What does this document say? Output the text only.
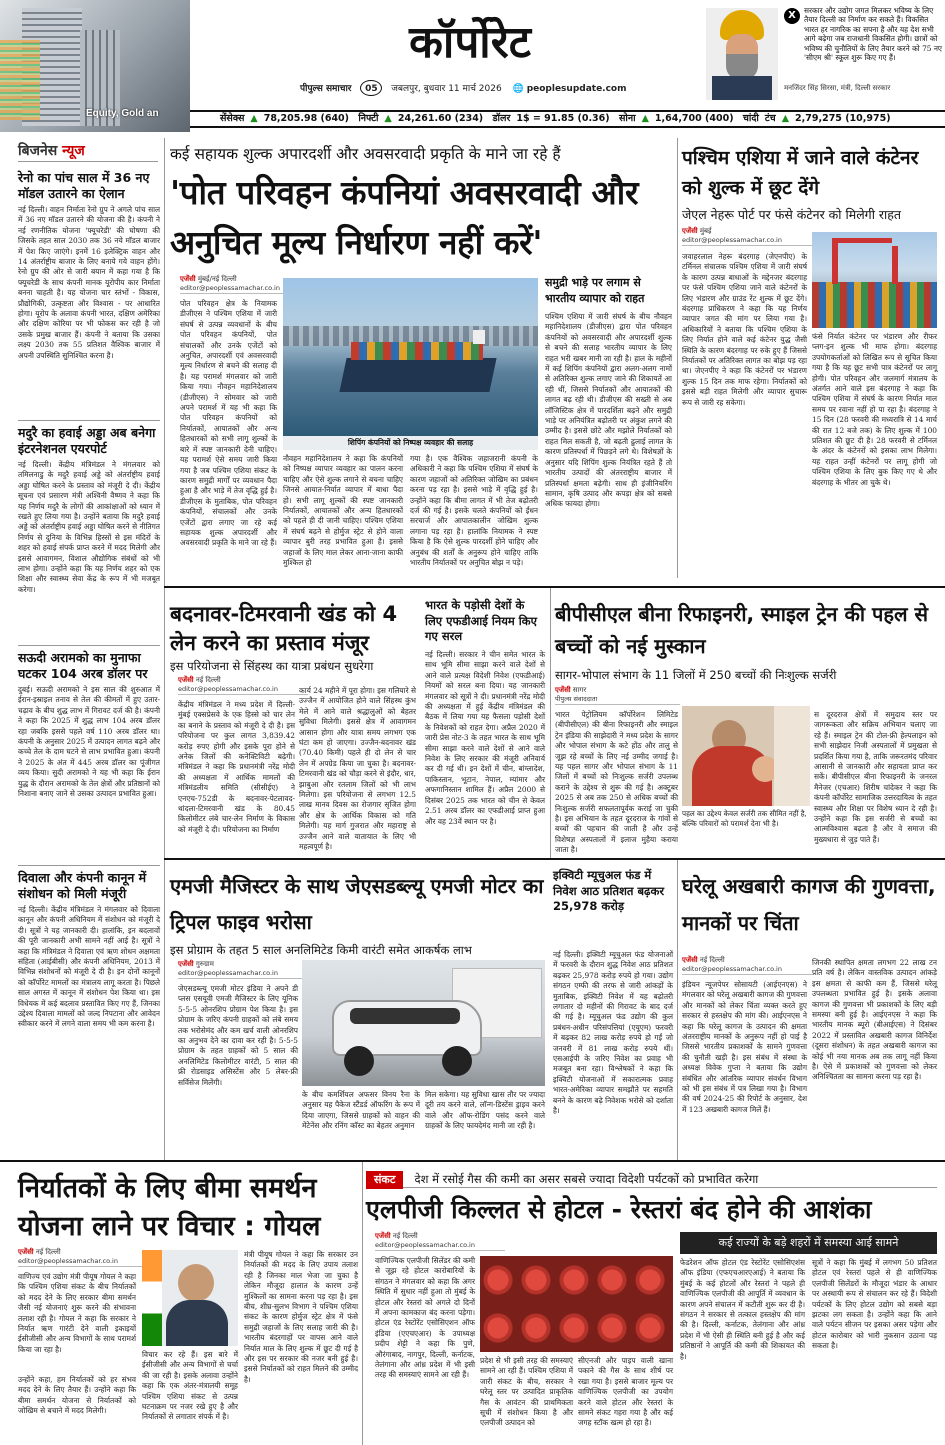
Equity, Gold an
कॉर्पोरेट
पीपुल्स समाचार 05 जबलपुर, बुधवार 11 मार्च 2026 🌐 peoplesupdate.com
X	सरकार और उद्योग जगत मिलकर भविष्य के लिए तैयार दिल्ली का निर्माण कर सकते हैं। विकसित भारत हर नागरिक का सपना है और यह देश सभी आगे बढ़ेगा जब राजधानी विकसित होगी। छात्रों को भविष्य की चुनौतियों के लिए तैयार करने को 75 नए 'सीएम श्री' स्कूल शुरू किए गए हैं।
मनजिंदर सिंह सिरसा, मंत्री, दिल्ली सरकार
सेंसेक्स ▲ 78,205.98 (640) निफ्टी ▲ 24,261.60 (234) डॉलर 1$ = 91.85 (0.36) सोना ▲ 1,64,700 (400) चांदी टंच ▲ 2,79,275 (10,975)
बिजनेस न्यूज
रेनो का पांच साल में 36 नए मॉडल उतारने का ऐलान
नई दिल्ली। वाहन निर्माता रेनो ग्रुप ने अगले पांच साल में 36 नए मॉडल उतारने की योजना की है। कंपनी ने नई रणनीतिक योजना 'फ्यूचरेडी' की घोषणा की जिसके तहत साल 2030 तक 36 नये मॉडल बाजार में पेश किए जाएंगे। इनमें 16 इलेक्ट्रिक वाहन और 14 अंतर्राष्ट्रीय बाजार के लिए बनाये गये वाहन होंगे। रेनो ग्रुप की ओर से जारी बयान में कहा गया है कि फ्यूचरेडी के साथ कंपनी मानक यूरोपीय कार निर्माता बनना चाहती है। यह योजना चार स्तंभों - विकास, प्रौद्योगिकी, उत्कृष्टता और विश्वास - पर आधारित होगा। यूरोप के अलावा कंपनी भारत, दक्षिण अमेरिका और दक्षिण कोरिया पर भी फोकस कर रही है जो उसके प्रमुख बाजार हैं। कंपनी ने बताया कि उसका लक्ष्य 2030 तक 55 प्रतिशत वैश्विक बाजार में अपनी उपस्थिति सुनिश्चित करना है।
मदुरै का हवाई अड्डा अब बनेगा इंटरनेशनल एयरपोर्ट
नई दिल्ली। केंद्रीय मंत्रिमंडल ने मंगलवार को तमिलनाडु के मदुरै हवाई अड्डे को अंतर्राष्ट्रीय हवाई अड्डा घोषित करने के प्रस्ताव को मंजूरी दे दी। केंद्रीय सूचना एवं प्रसारण मंत्री अश्विनी वैष्णव ने कहा कि यह निर्णय मदुरै के लोगों की आकांक्षाओं को ध्यान में रखते हुए लिया गया है। उन्होंने बताया कि मदुरै हवाई अड्डे को अंतर्राष्ट्रीय हवाई अड्डा घोषित करने से नीतिगत निर्णय से दुनिया के विभिन्न हिस्सों से इस मंदिरों के शहर को हवाई संपर्क प्राप्त करने में मदद मिलेगी और इससे आवागमन, विशाल औद्योगिक संबंधों को भी लाभ होगा। उन्होंने कहा कि यह निर्णय शहर को एक शिक्षा और स्वास्थ्य सेवा केंद्र के रूप में भी मजबूत करेगा।
सऊदी अरामको का मुनाफा घटकर 104 अरब डॉलर पर
दुबई। सऊदी अरामको ने इस साल की शुरुआत में ईरान-इस्राइल तनाव से तेल की कीमतों में हुए उतार-चढ़ाव के बीच शुद्ध लाभ में गिरावट दर्ज की है। कंपनी ने कहा कि 2025 में शुद्ध लाभ 104 अरब डॉलर रहा जबकि इससे पहले वर्ष 110 अरब डॉलर था। कंपनी के अनुसार 2025 में उत्पादन लागत बढ़ने और कच्चे तेल के दाम घटने से लाभ प्रभावित हुआ। कंपनी ने 2025 के अंत में 445 अरब डॉलर का पूंजीगत व्यय किया। सुदी अरामको ने यह भी कहा कि ईरान युद्ध के दौरान अरामको के तेल क्षेत्रों और प्रतिष्ठानों को निशाना बनाए जाने से उसका उत्पादन प्रभावित हुआ।
दिवाला और कंपनी कानून में संशोधन को मिली मंजूरी
नई दिल्ली। केंद्रीय मंत्रिमंडल ने मंगलवार को दिवाला कानून और कंपनी अधिनियम में संशोधन को मंजूरी दे दी। सूत्रों ने यह जानकारी दी। हालांकि, इन बदलावों की पूरी जानकारी अभी सामने नहीं आई है। सूत्रों ने कहा कि मंत्रिमंडल ने दिवाला एवं ऋण शोधन अक्षमता संहिता (आईबीसी) और कंपनी अधिनियम, 2013 में विभिन्न संशोधनों को मंजूरी दे दी है। इन दोनों कानूनों को कॉर्पोरेट मामलों का मंत्रालय लागू करता है। पिछले साल अगस्त में कानून में संशोधन पेश किया था। इस विधेयक में कई बदलाव प्रस्तावित किए गए हैं, जिनका उद्देश्य दिवाला मामलों को जल्द निपटाना और आवेदन स्वीकार करने में लगने वाला समय भी कम करना है।
कई सहायक शुल्क अपारदर्शी और अवसरवादी प्रकृति के माने जा रहे हैं
'पोत परिवहन कंपनियां अवसरवादी और अनुचित मूल्य निर्धारण नहीं करें'
एजेंसी मुंबई/नई दिल्ली
editor@peoplessamachar.co.in
पोत परिवहन क्षेत्र के नियामक डीजीएस ने पश्चिम एशिया में जारी संघर्ष से उत्पन्न व्यवधानों के बीच पोत परिवहन कंपनियों, पोत संचालकों और उनके एजेंटों को अनुचित, अपारदर्शी एवं अवसरवादी मूल्य निर्धारण से बचने की सलाह दी है। यह परामर्श मंगलवार को जारी किया गया। नौवहन महानिदेशालय (डीजीएस) ने सोमवार को जारी अपने परामर्श में यह भी कहा कि पोत परिवहन कंपनियों को निर्यातकों, आयातकों और अन्य हितधारकों को सभी लागू शुल्कों के बारे में स्पष्ट जानकारी देनी चाहिए। यह परामर्श ऐसे समय जारी किया गया है जब पश्चिम एशिया संकट के कारण समुद्री मार्गों पर व्यवधान पैदा हुआ है और भाड़े में तेज वृद्धि हुई है। डीजीएस के मुताबिक, पोत परिवहन कंपनियों, संचालकों और उनके एजेंटों द्वारा लगाए जा रहे कई सहायक शुल्क अपारदर्शी और अवसरवादी प्रकृति के माने जा रहे हैं।
शिपिंग कंपनियों को निष्पक्ष व्यवहार की सलाह
नौवहन महानिदेशालय ने कहा कि कंपनियों को निष्पक्ष व्यापार व्यवहार का पालन करना चाहिए और ऐसे शुल्क लगाने से बचना चाहिए जिनसे आयात-निर्यात व्यापार में बाधा पैदा हो। सभी लागू शुल्कों की स्पष्ट जानकारी निर्यातकों, आयातकों और अन्य हितधारकों को पहले ही दी जानी चाहिए। पश्चिम एशिया में संघर्ष बढ़ने से होर्मुज स्ट्रेट से होने वाला व्यापार बुरी तरह प्रभावित हुआ है। इससे जहाजों के लिए माल लेकर आना-जाना काफी मुश्किल हो
गया है। एक वैश्विक जहाजरानी कंपनी के अधिकारी ने कहा कि पश्चिम एशिया में संघर्ष के कारण जहाजों को अतिरिक्त जोखिम का प्रबंधन करना पड़ रहा है। इससे भाड़े में वृद्धि हुई है। उन्होंने कहा कि बीमा लागत में भी तेज बढ़ोतरी दर्ज की गई है। इसके चलते कंपनियों को ईंधन सरचार्ज और आपातकालीन जोखिम शुल्क लगाना पड़ रहा है। हालांकि नियामक ने स्पष्ट किया है कि ऐसे शुल्क पारदर्शी होने चाहिए और अनुबंध की शर्तों के अनुरूप होने चाहिए ताकि भारतीय निर्यातकों पर अनुचित बोझ न पड़े।
समुद्री भाड़े पर लगाम से भारतीय व्यापार को राहत
पश्चिम एशिया में जारी संघर्ष के बीच नौवहन महानिदेशालय (डीजीएस) द्वारा पोत परिवहन कंपनियों को अवसरवादी और अपारदर्शी शुल्क से बचने की सलाह भारतीय व्यापार के लिए राहत भरी खबर मानी जा रही है। हाल के महीनों में कई शिपिंग कंपनियों द्वारा अलग-अलग नामों से अतिरिक्त शुल्क लगाए जाने की शिकायतें आ रही थीं, जिससे निर्यातकों और आयातकों की लागत बढ़ रही थी। डीजीएस की सख्ती से अब लॉजिस्टिक क्षेत्र में पारदर्शिता बढ़ने और समुद्री भाड़े पर अनियंत्रित बढ़ोतरी पर अंकुश लगने की उम्मीद है। इससे छोटे और मझोले निर्यातकों को राहत मिल सकती है, जो बढ़ती ढुलाई लागत के कारण प्रतिस्पर्धा में पिछड़ने लगे थे। विशेषज्ञों के अनुसार यदि शिपिंग शुल्क नियंत्रित रहते हैं तो भारतीय उत्पादों की अंतरराष्ट्रीय बाजार में प्रतिस्पर्धा क्षमता बढ़ेगी। साथ ही इंजीनियरिंग सामान, कृषि उत्पाद और कपड़ा क्षेत्र को सबसे अधिक फायदा होगा।
पश्चिम एशिया में जाने वाले कंटेनर को शुल्क में छूट देंगे
जेएल नेहरू पोर्ट पर फंसे कंटेनर को मिलेगी राहत
एजेंसी मुंबई
editor@peoplessamachar.co.in
जवाहरलाल नेहरू बंदरगाह (जेएनपीए) के टर्मिनल संचालक पश्चिम एशिया में जारी संघर्ष के कारण उत्पन्न बाधाओं के मद्देनजर बंदरगाह पर फंसे पश्चिम एशिया जाने वाले कंटेनरों के लिए भंडारण और ग्राउंड रेंट शुल्क में छूट देंगे। बंदरगाह प्राधिकरण ने कहा कि यह निर्णय व्यापार जगत की मांग पर लिया गया है। अधिकारियों ने बताया कि पश्चिम एशिया के लिए निर्यात होने वाले कई कंटेनर युद्ध जैसी स्थिति के कारण बंदरगाह पर रुके हुए हैं जिससे निर्यातकों पर अतिरिक्त लागत का बोझ पड़ रहा था। जेएनपीए ने कहा कि कंटेनरों पर भंडारण शुल्क 15 दिन तक माफ रहेगा। निर्यातकों को इससे बड़ी राहत मिलेगी और व्यापार सुचारू रूप से जारी रह सकेगा।
फंसे निर्यात कंटेनर पर भंडारण और रीफर प्लग-इन शुल्क भी माफ होगा। बंदरगाह उपयोगकर्ताओं को लिखित रूप से सूचित किया गया है कि यह छूट सभी पात्र कंटेनरों पर लागू होगी। पोत परिवहन और जलमार्ग मंत्रालय के अंतर्गत आने वाले इस बंदरगाह ने कहा कि पश्चिम एशिया में संघर्ष के कारण निर्यात माल समय पर रवाना नहीं हो पा रहा है। बंदरगाह ने 15 दिन (28 फरवरी की मध्यरात्रि से 14 मार्च की रात 12 बजे तक) के लिए शुल्क में 100 प्रतिशत की छूट दी है। 28 फरवरी से टर्मिनल के अंदर के कंटेनरों को इसका लाभ मिलेगा। यह राहत उन्हीं कंटेनरों पर लागू होगी जो पश्चिम एशिया के लिए बुक किए गए थे और बंदरगाह के भीतर आ चुके थे।
बदनावर-टिमरवानी खंड को 4 लेन करने का प्रस्ताव मंजूर
इस परियोजना से सिंहस्थ का यात्रा प्रबंधन सुधरेगा
एजेंसी नई दिल्ली
editor@peoplessamachar.co.in
केंद्रीय मंत्रिमंडल ने मध्य प्रदेश में दिल्ली-मुंबई एक्सप्रेसवे के एक हिस्से को चार लेन का बनाने के प्रस्ताव को मंजूरी दे दी है। इस परियोजना पर कुल लागत 3,839.42 करोड़ रुपए होगी और इसके पूरा होने से अनेक जिलों की कनेक्टिविटी बढ़ेगी। मंत्रिमंडल ने कहा कि प्रधानमंत्री नरेंद्र मोदी की अध्यक्षता में आर्थिक मामलों की मंत्रिमंडलीय समिति (सीसीईए) ने एनएच-752डी के बदनावर-पेटलावद-थांदला-टिमरवानी खंड के 80.45 किलोमीटर लंबे चार-लेन निर्माण के विकास को मंजूरी दे दी। परियोजना का निर्माण
कार्य 24 महीने में पूरा होगा। इस गलियारे से उज्जैन में आयोजित होने वाले सिंहस्थ कुंभ मेले में आने वाले श्रद्धालुओं को बेहतर सुविधा मिलेगी। इससे क्षेत्र में आवागमन आसान होगा और यात्रा समय लगभग एक घंटा कम हो जाएगा। उज्जैन-बदनावर खंड (70.40 किमी) पहले ही दो लेन से चार लेन में अपग्रेड किया जा चुका है। बदनावर-टिमरवानी खंड को चौड़ा करने से इंदौर, धार, झाबुआ और रतलाम जिलों को भी लाभ मिलेगा। इस परियोजना से लगभग 12.5 लाख मानव दिवस का रोजगार सृजित होगा और क्षेत्र के आर्थिक विकास को गति मिलेगी। यह मार्ग गुजरात और महाराष्ट्र से उज्जैन आने वाले यातायात के लिए भी महत्वपूर्ण है।
भारत के पड़ोसी देशों के लिए एफडीआई नियम किए गए सरल
नई दिल्ली। सरकार ने चीन समेत भारत के साथ भूमि सीमा साझा करने वाले देशों से आने वाले प्रत्यक्ष विदेशी निवेश (एफडीआई) नियमों को सरल बना दिया। यह जानकारी मंगलवार को सूत्रों ने दी। प्रधानमंत्री नरेंद्र मोदी की अध्यक्षता में हुई केंद्रीय मंत्रिमंडल की बैठक में लिया गया यह फैसला पड़ोसी देशों के निवेशकों को राहत देगा। अप्रैल 2020 में जारी प्रेस नोट-3 के तहत भारत के साथ भूमि सीमा साझा करने वाले देशों से आने वाले निवेश के लिए सरकार की मंजूरी अनिवार्य कर दी गई थी। इन देशों में चीन, बांग्लादेश, पाकिस्तान, भूटान, नेपाल, म्यांमार और अफगानिस्तान शामिल हैं। अप्रैल 2000 से दिसंबर 2025 तक भारत को चीन से केवल 2.51 अरब डॉलर का एफडीआई प्राप्त हुआ और वह 23वें स्थान पर है।
बीपीसीएल बीना रिफाइनरी, स्माइल ट्रेन की पहल से बच्चों को नई मुस्कान
सागर-भोपाल संभाग के 11 जिलों में 250 बच्चों की निःशुल्क सर्जरी
एजेंसी सागर
पीपुल्स संवाददाता
भारत पेट्रोलियम कॉर्पोरेशन लिमिटेड (बीपीसीएल) की बीना रिफाइनरी और स्माइल ट्रेन इंडिया की साझेदारी ने मध्य प्रदेश के सागर और भोपाल संभाग के कटे होंठ और तालु से जूझ रहे बच्चों के लिए नई उम्मीद जगाई है। यह पहल सागर और भोपाल संभाग के 11 जिलों में बच्चों को निःशुल्क सर्जरी उपलब्ध कराने के उद्देश्य से शुरू की गई है। अक्टूबर 2025 से अब तक 250 से अधिक बच्चों की निःशुल्क सर्जरी सफलतापूर्वक कराई जा चुकी है। इस अभियान के तहत दूरदराज के गांवों से बच्चों की पहचान की जाती है और उन्हें विशेषज्ञ अस्पतालों में इलाज मुहैया कराया जाता है।
पहल का उद्देश्य केवल सर्जरी तक सीमित नहीं है, बल्कि परिवारों को परामर्श देना भी है।
स दूरदराज क्षेत्रों में समुदाय स्तर पर जागरूकता और सक्रिय अभियान चलाए जा रहे हैं। स्माइल ट्रेन की टोल-फ्री हेल्पलाइन को सभी साझेदार निजी अस्पतालों में प्रमुखता से प्रदर्शित किया गया है, ताकि जरूरतमंद परिवार आसानी से जानकारी और सहायता प्राप्त कर सकें। बीपीसीएल बीना रिफाइनरी के जनरल मैनेजर (एचआर) शिरीष चांदेकर ने कहा कि कंपनी कॉर्पोरेट सामाजिक उत्तरदायित्व के तहत स्वास्थ्य और शिक्षा पर विशेष ध्यान दे रही है। उन्होंने कहा कि इस सर्जरी से बच्चों का आत्मविश्वास बढ़ता है और वे समाज की मुख्यधारा से जुड़ पाते हैं।
एमजी मैजिस्टर के साथ जेएसडब्ल्यू एमजी मोटर का ट्रिपल फाइव भरोसा
इस प्रोग्राम के तहत 5 साल अनलिमिटेड किमी वारंटी समेत आकर्षक लाभ
एजेंसी गुरुग्राम
editor@peoplessamachar.co.in
जेएसडब्ल्यू एमजी मोटर इंडिया ने अपने डी प्लस एसयूवी एमजी मैजिस्टर के लिए यूनिक 5-5-5 ओनरशिप प्रोग्राम पेश किया है। इस प्रोग्राम के जरिए कंपनी ग्राहकों को लंबे समय तक भरोसेमंद और कम खर्च वाली ओनरशिप का अनुभव देने का दावा कर रही है। 5-5-5 प्रोग्राम के तहत ग्राहकों को 5 साल की अनलिमिटेड किलोमीटर वारंटी, 5 साल की फ्री रोडसाइड असिस्टेंस और 5 लेबर-फ्री सर्विसेज मिलेंगी।
के बीच कमर्शियल अफसर विनय रैना के अनुसार यह पैकेज स्टैंडर्ड ऑफरिंग के रूप में दिया जाएगा, जिससे ग्राहकों को वाहन की मेंटेनेंस और रनिंग कॉस्ट का बेहतर अनुमान
मिल सकेगा। यह सुविधा खास तौर पर ज्यादा दूरी तय करने वाले, लॉन्ग-डिस्टेंस ड्राइव करने वाले और ऑफ-रोडिंग पसंद करने वाले ग्राहकों के लिए फायदेमंद मानी जा रही है।
इक्विटी म्यूचुअल फंड में निवेश आठ प्रतिशत बढ़कर 25,978 करोड़
नई दिल्ली। इक्विटी म्यूचुअल फंड योजनाओं में फरवरी के दौरान शुद्ध निवेश आठ प्रतिशत बढ़कर 25,978 करोड़ रुपये हो गया। उद्योग संगठन एम्फी की तरफ से जारी आंकड़ों के मुताबिक, इक्विटी निवेश में यह बढ़ोतरी लगातार दो महीनों की गिरावट के बाद दर्ज की गई है। म्यूचुअल फंड उद्योग की कुल प्रबंधन-अधीन परिसंपत्तियां (एयूएम) फरवरी में बढ़कर 82 लाख करोड़ रुपये हो गईं जो जनवरी में 81 लाख करोड़ रुपये थीं। एसआईपी के जरिए निवेश का प्रवाह भी मजबूत बना रहा। विश्लेषकों ने कहा कि इक्विटी योजनाओं में सकारात्मक प्रवाह भारत-अमेरिका व्यापार समझौते पर सहमति बनने के कारण बढ़े निवेशक भरोसे को दर्शाता है।
घरेलू अखबारी कागज की गुणवत्ता, मानकों पर चिंता
एजेंसी नई दिल्ली
editor@peoplessamachar.co.in
इंडियन न्यूजपेपर सोसायटी (आईएनएस) ने मंगलवार को घरेलू अखबारी कागज की गुणवत्ता और मानकों को लेकर चिंता व्यक्त करते हुए सरकार से हस्तक्षेप की मांग की। आईएनएस ने कहा कि घरेलू कागज के उत्पादन की क्षमता अंतरराष्ट्रीय मानकों के अनुरूप नहीं हो पाई है जिससे भारतीय प्रकाशकों के सामने गुणवत्ता की चुनौती खड़ी है। इस संबंध में संस्था के अध्यक्ष विवेक गुप्ता ने बताया कि उद्योग संबंधित और आंतरिक व्यापार संवर्धन विभाग को भी इस संबंध में पत्र लिखा गया है। विभाग की वर्ष 2024-25 की रिपोर्ट के अनुसार, देश में 123 अखबारी कागज मिलें हैं।
जिनकी स्थापित क्षमता लगभग 22 लाख टन प्रति वर्ष है। लेकिन वास्तविक उत्पादन आंकड़े इस क्षमता से काफी कम हैं, जिससे घरेलू उपलब्धता प्रभावित हुई है। इसके अलावा कागज की गुणवत्ता भी प्रकाशकों के लिए बड़ी समस्या बनी हुई है। आईएनएस ने कहा कि भारतीय मानक ब्यूरो (बीआईएस) ने दिसंबर 2022 में प्रस्तावित अखबारी कागज विनिर्देश (दूसरा संशोधन) के तहत अखबारी कागज का कोई भी नया मानक अब तक लागू नहीं किया है। ऐसे में प्रकाशकों को गुणवत्ता को लेकर अनिश्चितता का सामना करना पड़ रहा है।
निर्यातकों के लिए बीमा समर्थन योजना लाने पर विचार : गोयल
एजेंसी नई दिल्ली
editor@peoplessamachar.co.in
वाणिज्य एवं उद्योग मंत्री पीयूष गोयल ने कहा कि पश्चिम एशिया संकट के बीच निर्यातकों को मदद देने के लिए सरकार बीमा समर्थन जैसी नई योजनाएं शुरू करने की संभावना तलाश रही है। गोयल ने कहा कि सरकार ने निर्यात ऋण गारंटी देने वाली इकाइयों ईसीजीसी और अन्य विभागों के साथ परामर्श किया जा रहा है।
उन्होंने कहा, हम निर्यातकों को हर संभव मदद देने के लिए तैयार हैं। उन्होंने कहा कि बीमा समर्थन योजना से निर्यातकों को जोखिम से बचाने में मदद मिलेगी।
विचार कर रहे हैं। इस बारे में ईसीजीसी और अन्य विभागों से चर्चा की जा रही है। इसके अलावा उन्होंने कहा कि एक अंतर-मंत्रालयी समूह पश्चिम एशिया संकट से उत्पन्न घटनाक्रम पर नजर रखे हुए है और निर्यातकों से लगातार संपर्क में है।
मंत्री पीयूष गोयल ने कहा कि सरकार उन निर्यातकों की मदद के लिए उपाय तलाश रही है जिनका माल भेजा जा चुका है लेकिन मौजूदा हालात के कारण उन्हें मुश्किलों का सामना करना पड़ रहा है। इस बीच, शीघ्र-सुलभ विभाग ने पश्चिम एशिया संकट के कारण होर्मुज स्ट्रेट क्षेत्र में फंसे समुद्री जहाजों के लिए सलाह जारी की है। भारतीय बंदरगाहों पर वापस आने वाले निर्यात माल के लिए शुल्क में छूट दी गई है और इस पर सरकार की नजर बनी हुई है। इससे निर्यातकों को राहत मिलने की उम्मीद है।
संकट देश में रसोई गैस की कमी का असर सबसे ज्यादा विदेशी पर्यटकों को प्रभावित करेगा
एलपीजी किल्लत से होटल - रेस्तरां बंद होने की आशंका
एजेंसी नई दिल्ली
editor@peoplessamachar.co.in	कई राज्यों के बड़े शहरों में समस्या आई सामने
वाणिज्यिक एलपीजी सिलेंडर की कमी से जूझ रहे होटल कारोबारियों के संगठन ने मंगलवार को कहा कि अगर स्थिति में सुधार नहीं हुआ तो मुंबई के होटल और रेस्तरां को अगले दो दिनों में अपना कामकाज बंद करना पड़ेगा। होटल एंड रेस्टोरेंट एसोसिएशन ऑफ इंडिया (एएचएआर) के उपाध्यक्ष प्रदीप शेट्टी ने कहा कि पुणे, औरंगाबाद, नागपुर, दिल्ली, कर्नाटक, तेलंगाना और आंध्र प्रदेश में भी इसी तरह की समस्याएं सामने आ रही हैं।
प्रदेश से भी इसी तरह की समस्याएं सामने आ रही हैं। पश्चिम एशिया में जारी संकट के बीच, सरकार ने घरेलू स्तर पर उत्पादित प्राकृतिक गैस के आवंटन की प्राथमिकता सूची में संशोधन किया है और एलपीजी उत्पादन को
सीएनजी और पाइप वाली खाना पकाने की गैस के साथ शीर्ष पर रखा गया है। इससे बाजार मूल्य पर वाणिज्यिक एलपीजी का उपयोग करने वाले होटल और रेस्तरां के सामने संकट गहरा गया है और कई जगह स्टॉक खत्म हो रहा है।
फेडरेशन ऑफ होटल एंड रेस्टोरेंट एसोसिएशंस ऑफ इंडिया (एफएचआरएआई) ने बताया कि मुंबई के कई होटलों और रेस्तरां ने पहले ही वाणिज्यिक एलपीजी की आपूर्ति में व्यवधान के कारण अपने संचालन में कटौती शुरू कर दी है। संगठन ने सरकार से तत्काल हस्तक्षेप की मांग की है। दिल्ली, कर्नाटक, तेलंगाना और आंध्र प्रदेश में भी ऐसी ही स्थिति बनी हुई है और कई प्रतिष्ठानों ने आपूर्ति की कमी की शिकायत की है।
सूत्रों ने कहा कि मुंबई में लगभग 50 प्रतिशत होटल एवं रेस्तरां पहले से ही वाणिज्यिक एलपीजी सिलेंडरों के मौजूदा भंडार के आधार पर अस्थायी रूप से संचालन कर रहे हैं। विदेशी पर्यटकों के लिए होटल उद्योग को सबसे बड़ा झटका लग सकता है। उन्होंने कहा कि आने वाले पर्यटन सीजन पर इसका असर पड़ेगा और होटल कारोबार को भारी नुकसान उठाना पड़ सकता है।
